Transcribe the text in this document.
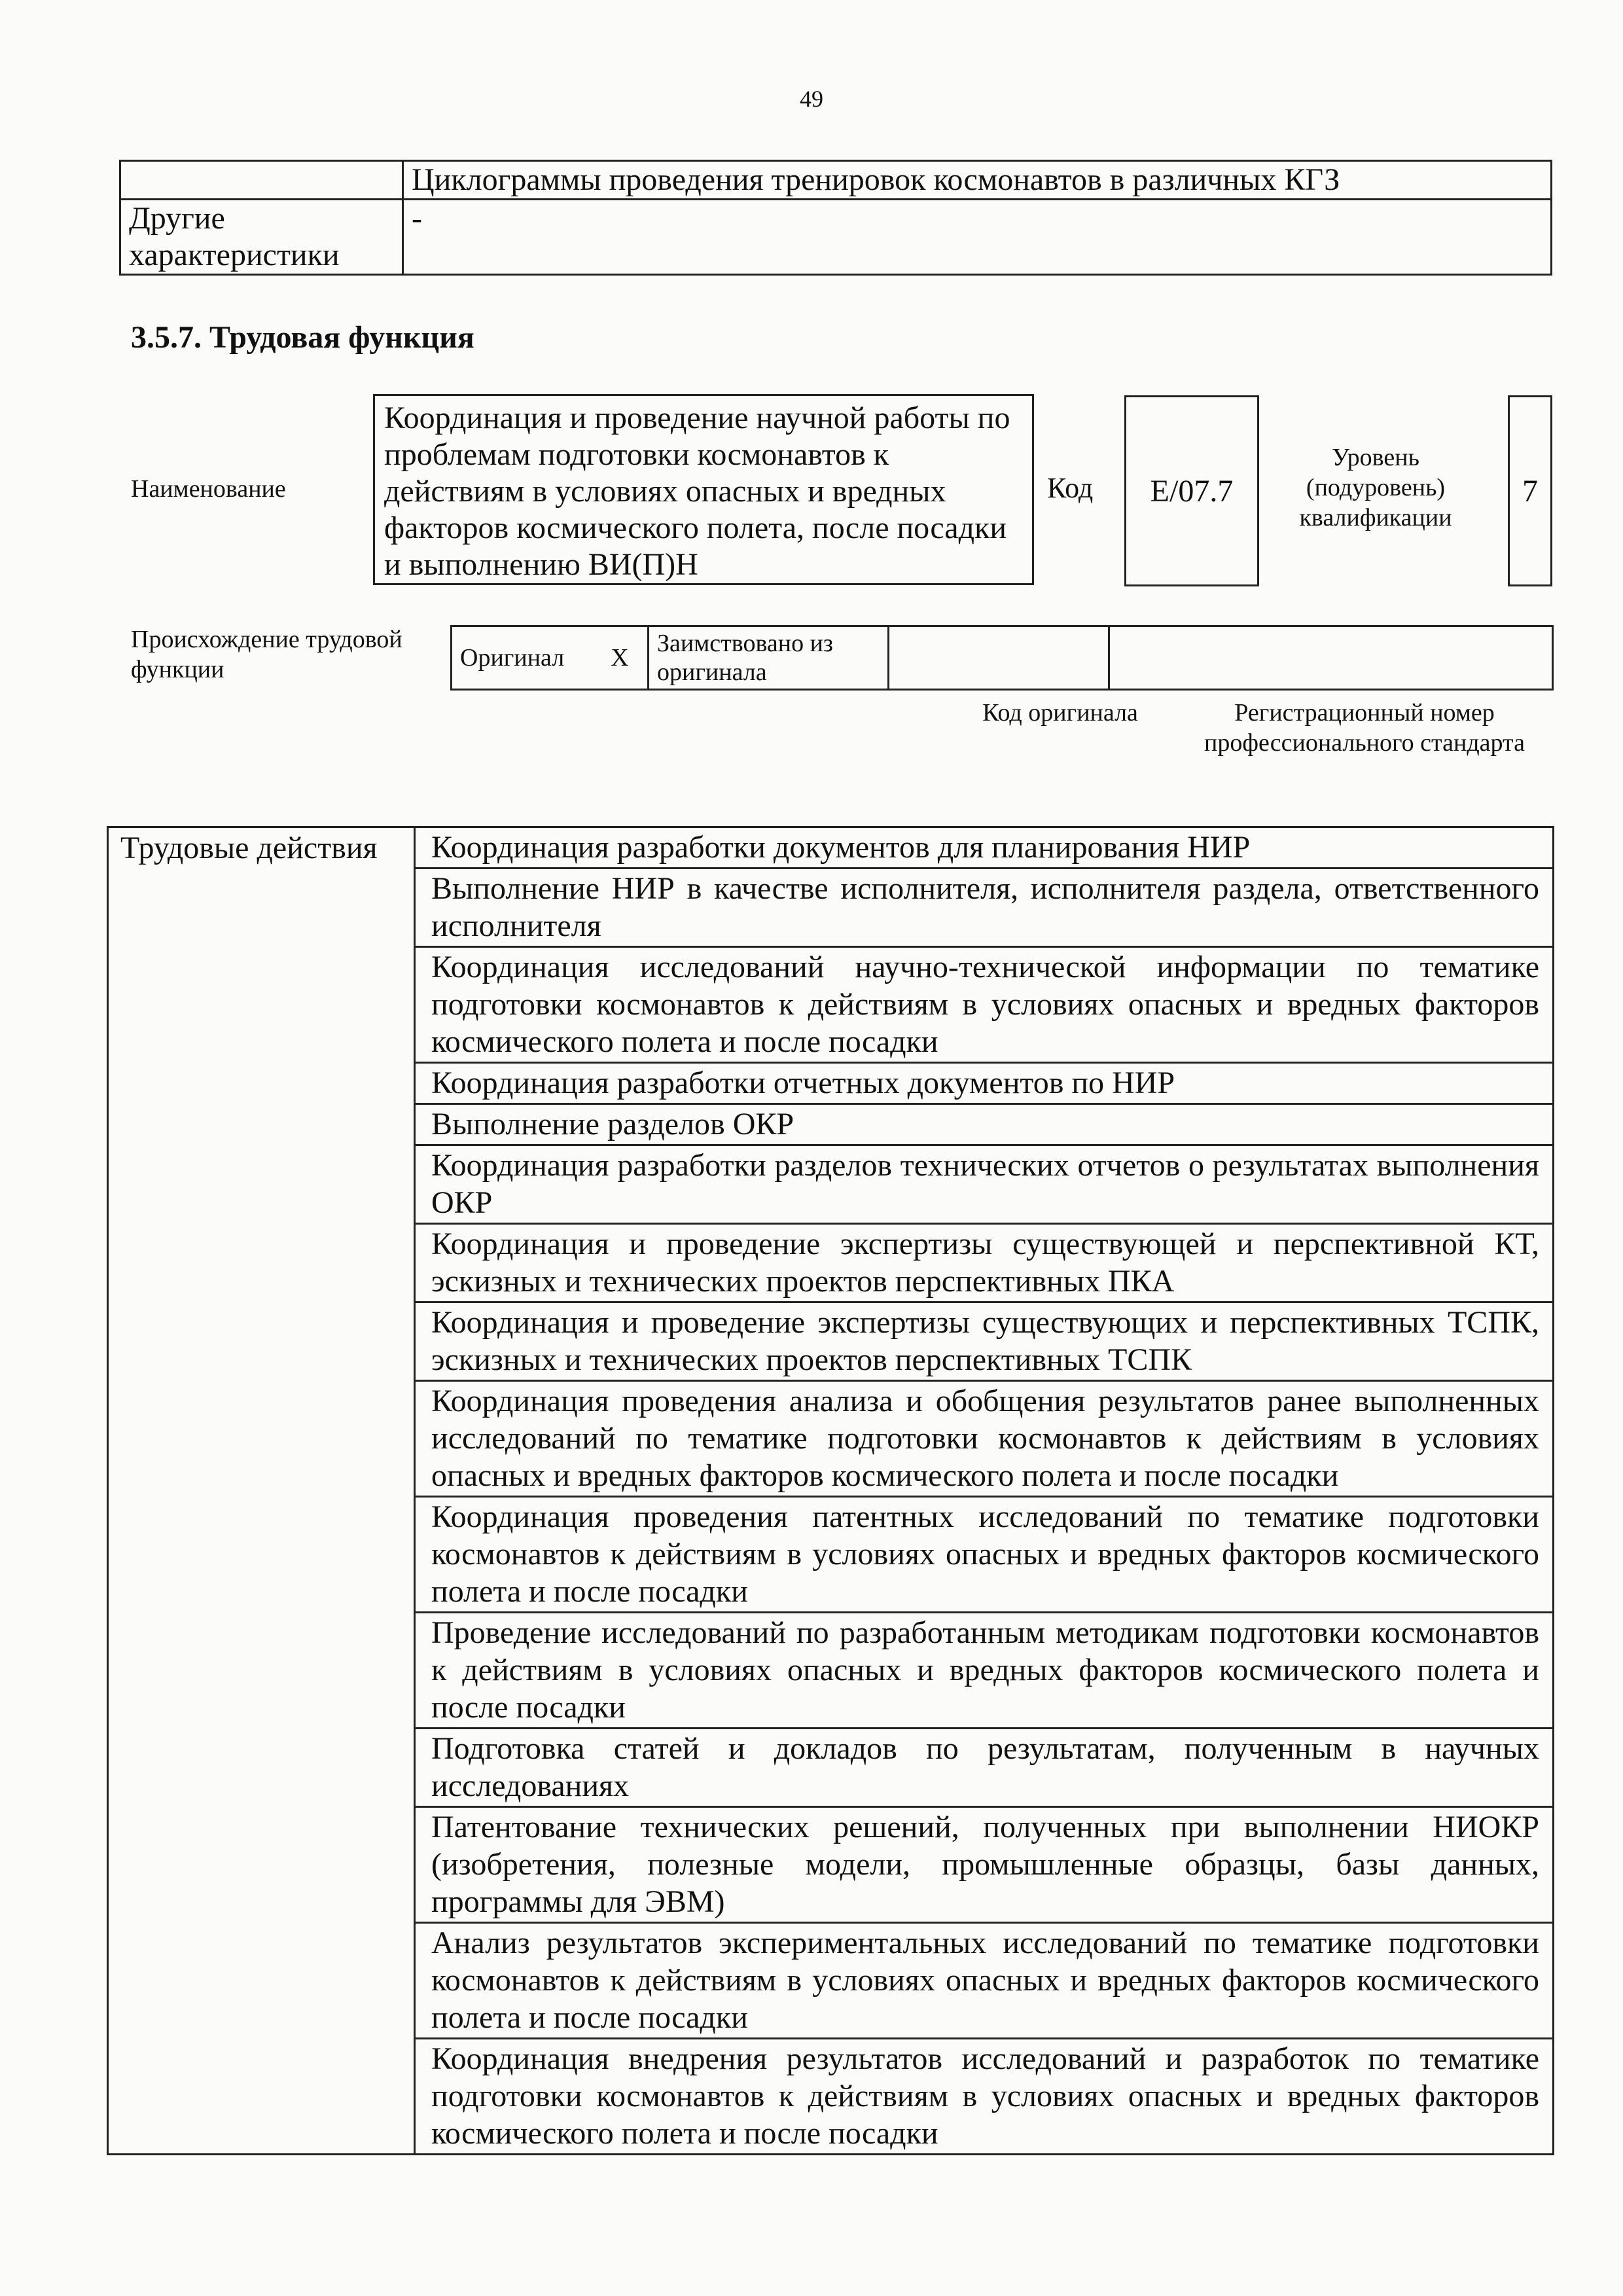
49
	Циклограммы проведения тренировок космонавтов в различных КГЗ
Другие характеристики	-
3.5.7. Трудовая функция
Наименование
Координация и проведение научной работы по проблемам подготовки космонавтов к действиям в условиях опасных и вредных факторов космического полета, после посадки и выполнению ВИ(П)Н
Код	E/07.7
Уровень (подуровень) квалификации
7
Происхождение трудовой функции	Оригинал	X	Заимствовано из оригинала		
Код оригинала	Регистрационный номер профессионального стандарта
Трудовые действия	Координация разработки документов для планирования НИР
Выполнение НИР в качестве исполнителя, исполнителя раздела, ответственного исполнителя
Координация исследований научно-технической информации по тематике подготовки космонавтов к действиям в условиях опасных и вредных факторов космического полета и после посадки
Координация разработки отчетных документов по НИР
Выполнение разделов ОКР
Координация разработки разделов технических отчетов о результатах выполнения ОКР
Координация и проведение экспертизы существующей и перспективной КТ, эскизных и технических проектов перспективных ПКА
Координация и проведение экспертизы существующих и перспективных ТСПК, эскизных и технических проектов перспективных ТСПК
Координация проведения анализа и обобщения результатов ранее выполненных исследований по тематике подготовки космонавтов к действиям в условиях опасных и вредных факторов космического полета и после посадки
Координация проведения патентных исследований по тематике подготовки космонавтов к действиям в условиях опасных и вредных факторов космического полета и после посадки
Проведение исследований по разработанным методикам подготовки космонавтов к действиям в условиях опасных и вредных факторов космического полета и после посадки
Подготовка статей и докладов по результатам, полученным в научных исследованиях
Патентование технических решений, полученных при выполнении НИОКР (изобретения, полезные модели, промышленные образцы, базы данных, программы для ЭВМ)
Анализ результатов экспериментальных исследований по тематике подготовки космонавтов к действиям в условиях опасных и вредных факторов космического полета и после посадки
Координация внедрения результатов исследований и разработок по тематике подготовки космонавтов к действиям в условиях опасных и вредных факторов космического полета и после посадки
